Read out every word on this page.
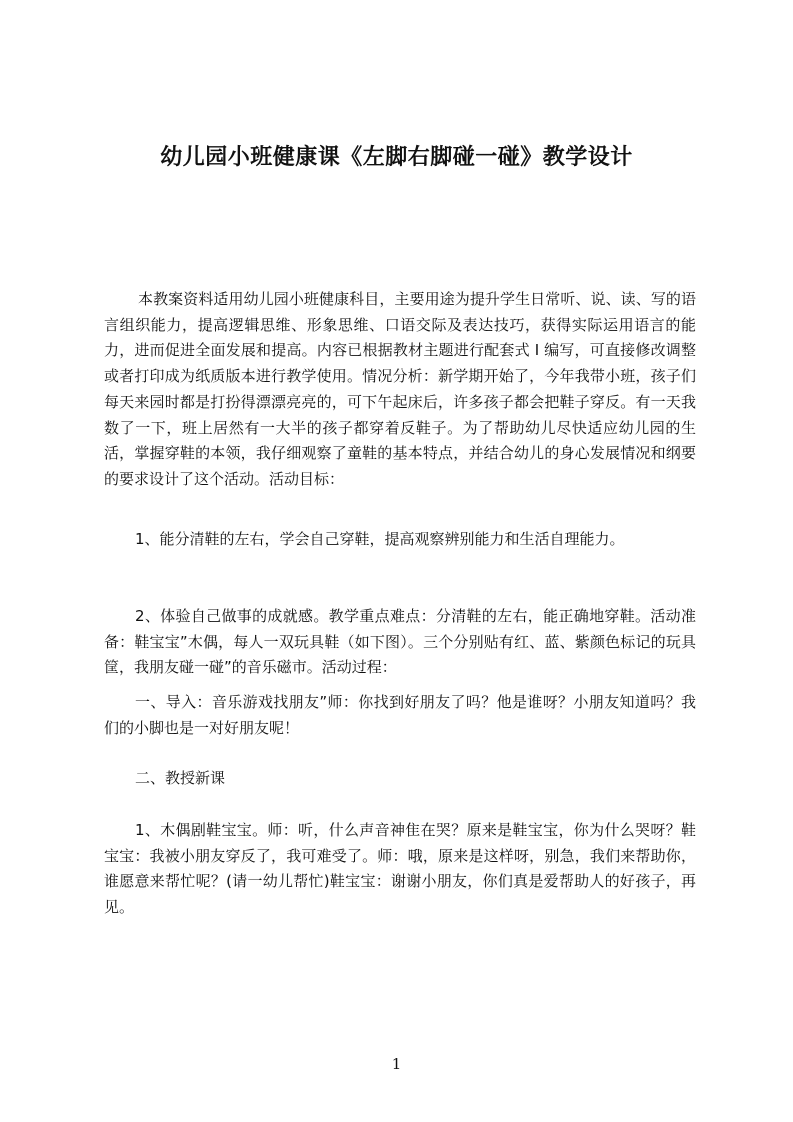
幼儿园小班健康课《左脚右脚碰一碰》教学设计

本教案资料适用幼儿园小班健康科目，主要用途为提升学生日常听、说、读、写的语言组织能力，提高逻辑思维、形象思维、口语交际及表达技巧，获得实际运用语言的能力，进而促进全面发展和提高。内容已根据教材主题进行配套式 I 编写，可直接修改调整或者打印成为纸质版本进行教学使用。情况分析：新学期开始了，今年我带小班，孩子们每天来园时都是打扮得漂漂亮亮的，可下午起床后，许多孩子都会把鞋子穿反。有一天我数了一下，班上居然有一大半的孩子都穿着反鞋子。为了帮助幼儿尽快适应幼儿园的生活，掌握穿鞋的本领，我仔细观察了童鞋的基本特点，并结合幼儿的身心发展情况和纲要的要求设计了这个活动。活动目标：

1、能分清鞋的左右，学会自己穿鞋，提高观察辨别能力和生活自理能力。

2、体验自己做事的成就感。教学重点难点：分清鞋的左右，能正确地穿鞋。活动准备：鞋宝宝”木偶，每人一双玩具鞋（如下图）。三个分别贴有红、蓝、紫颜色标记的玩具筐，我朋友碰一碰”的音乐磁市。活动过程：

一、导入：音乐游戏找朋友”师：你找到好朋友了吗？他是谁呀？小朋友知道吗？我们的小脚也是一对好朋友呢！

二、教授新课

1、木偶剧鞋宝宝。师：听，什么声音神隹在哭？原来是鞋宝宝，你为什么哭呀？鞋宝宝：我被小朋友穿反了，我可难受了。师：哦，原来是这样呀，别急，我们来帮助你，谁愿意来帮忙呢？(请一幼儿帮忙)鞋宝宝：谢谢小朋友，你们真是爱帮助人的好孩子，再见。

1
